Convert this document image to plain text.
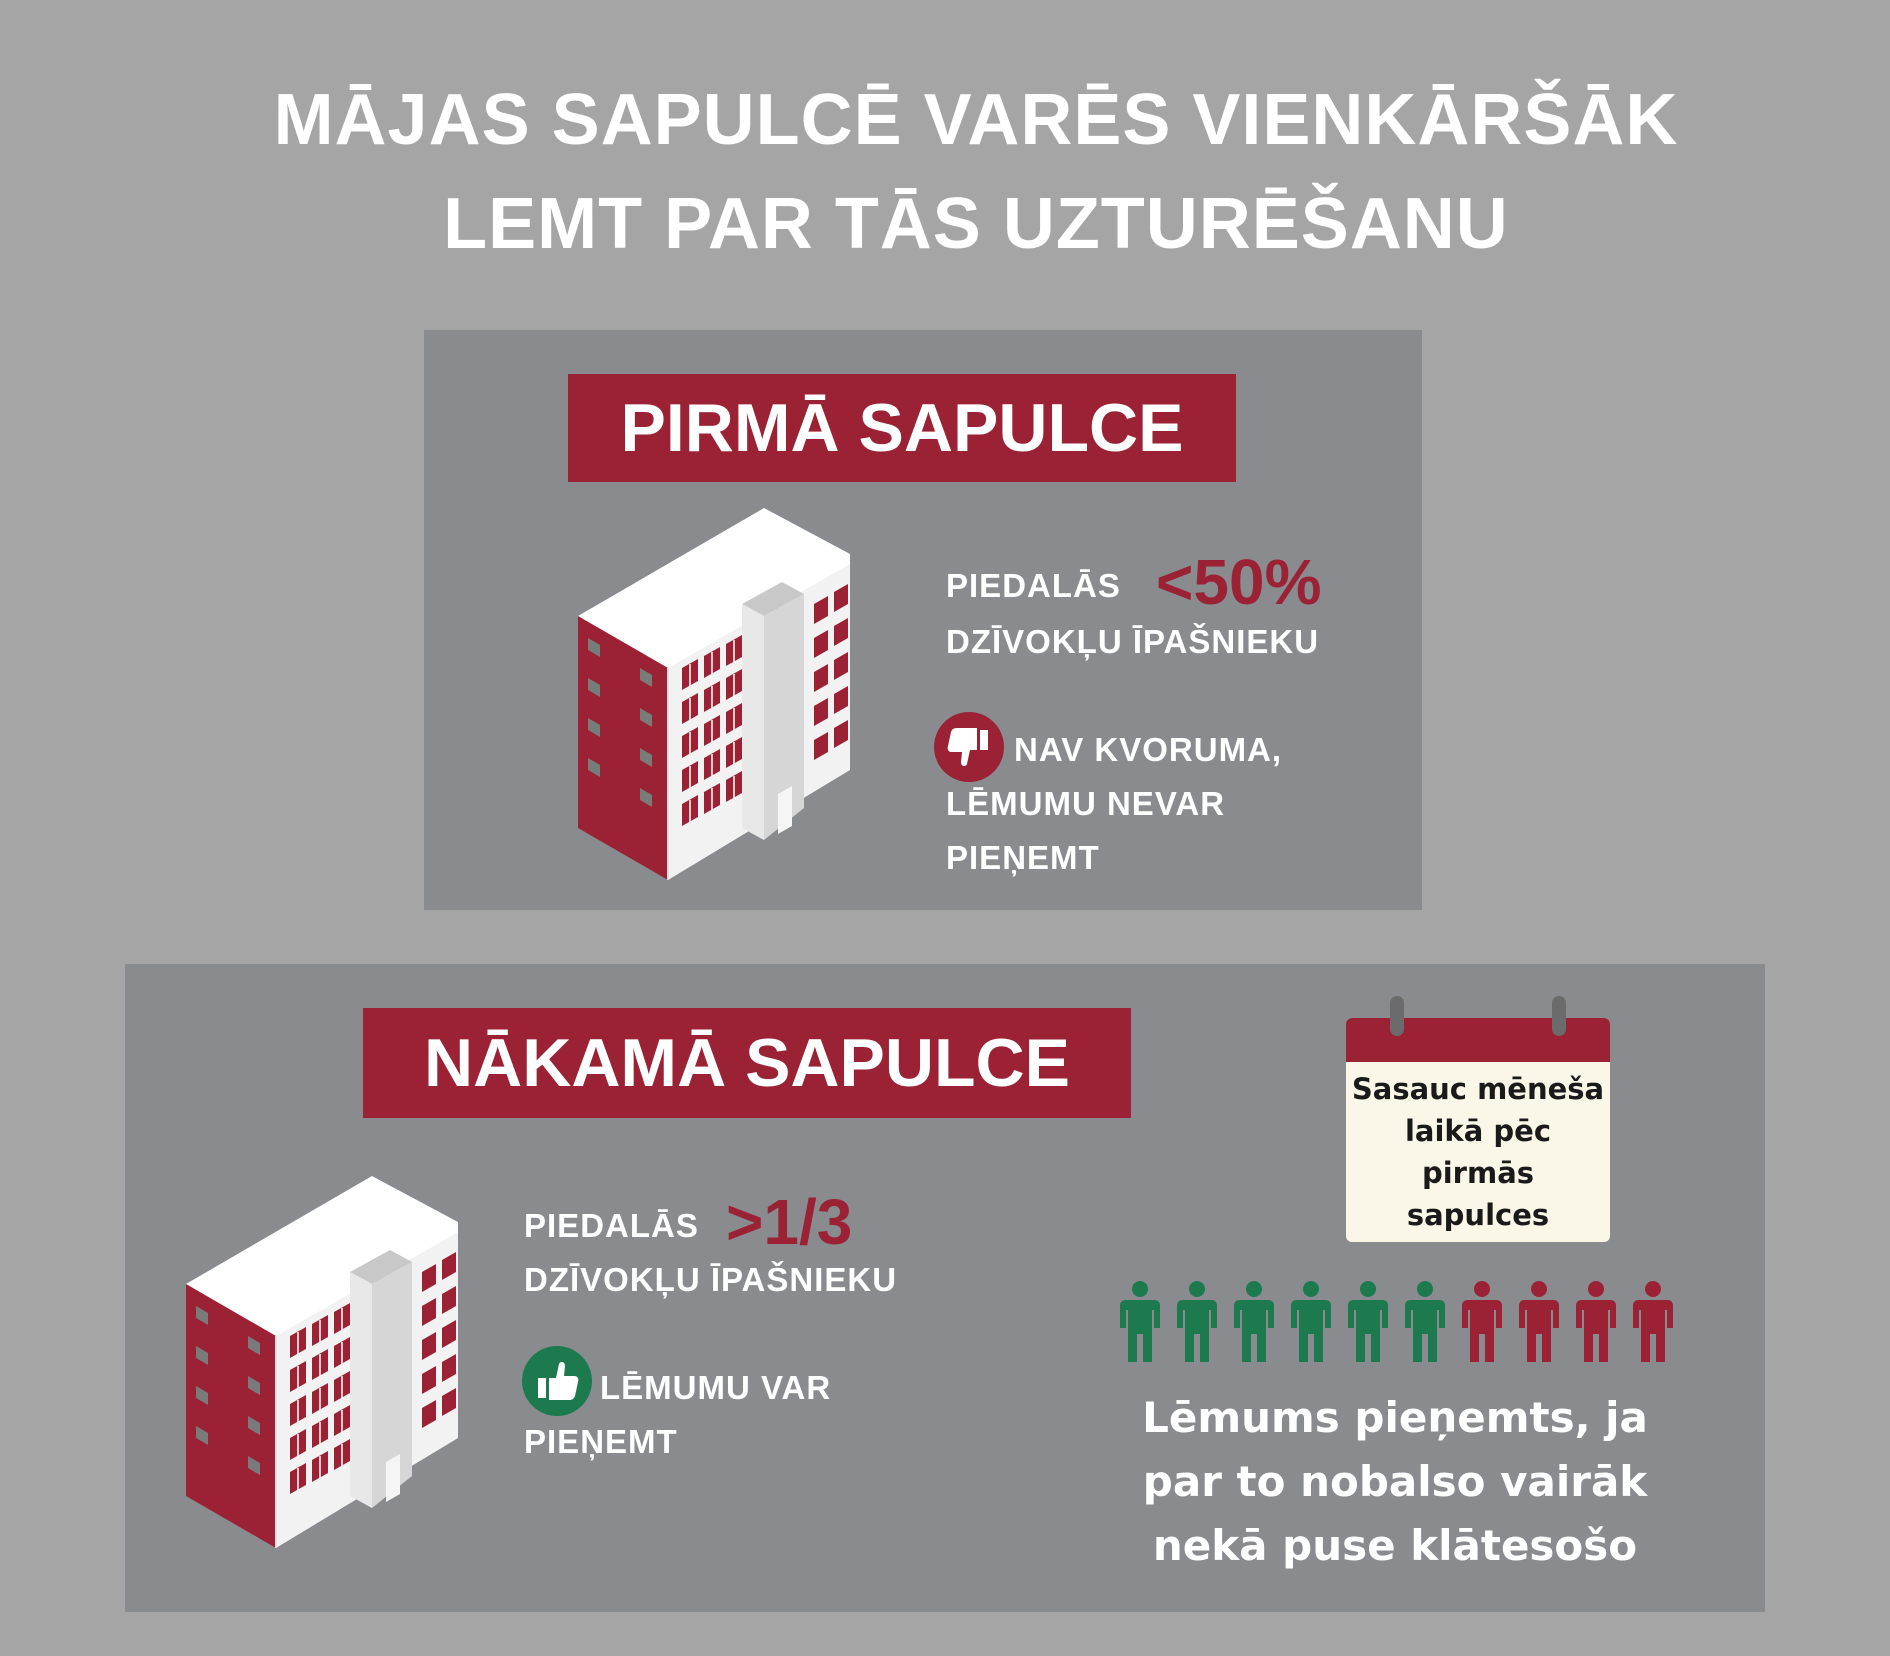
MĀJAS SAPULCĒ VARĒS VIENKĀRŠĀK
LEMT PAR TĀS UZTURĒŠANU
PIRMĀ SAPULCE
PIEDALĀS <50%
DZĪVOKĻU ĪPAŠNIEKU
NAV KVORUMA,
LĒMUMU NEVAR
PIEŅEMT
NĀKAMĀ SAPULCE
PIEDALĀS >1/3
DZĪVOKĻU ĪPAŠNIEKU
LĒMUMU VAR
PIEŅEMT
Sasauc mēneša
laikā pēc
pirmās sapulces
Lēmums pieņemts, ja
par to nobalso vairāk
nekā puse klātesošo
